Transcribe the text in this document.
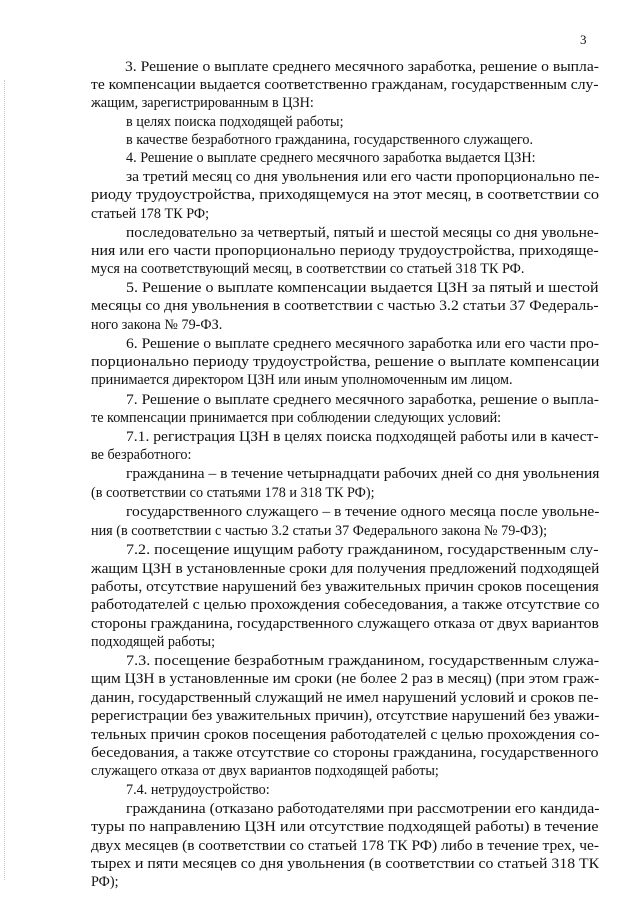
3
3. Решение о выплате среднего месячного заработка, решение о выпла-
те компенсации выдается соответственно гражданам, государственным слу-
жащим, зарегистрированным в ЦЗН:
в целях поиска подходящей работы;
в качестве безработного гражданина, государственного служащего.
4. Решение о выплате среднего месячного заработка выдается ЦЗН:
за третий месяц со дня увольнения или его части пропорционально пе-
риоду трудоустройства, приходящемуся на этот месяц, в соответствии со
статьей 178 ТК РФ;
последовательно за четвертый, пятый и шестой месяцы со дня увольне-
ния или его части пропорционально периоду трудоустройства, приходяще-
муся на соответствующий месяц, в соответствии со статьей 318 ТК РФ.
5. Решение о выплате компенсации выдается ЦЗН за пятый и шестой
месяцы со дня увольнения в соответствии с частью 3.2 статьи 37 Федераль-
ного закона № 79-ФЗ.
6. Решение о выплате среднего месячного заработка или его части про-
порционально периоду трудоустройства, решение о выплате компенсации
принимается директором ЦЗН или иным уполномоченным им лицом.
7. Решение о выплате среднего месячного заработка, решение о выпла-
те компенсации принимается при соблюдении следующих условий:
7.1. регистрация ЦЗН в целях поиска подходящей работы или в качест-
ве безработного:
гражданина – в течение четырнадцати рабочих дней со дня увольнения
(в соответствии со статьями 178 и 318 ТК РФ);
государственного служащего – в течение одного месяца после увольне-
ния (в соответствии с частью 3.2 статьи 37 Федерального закона № 79-ФЗ);
7.2. посещение ищущим работу гражданином, государственным слу-
жащим ЦЗН в установленные сроки для получения предложений подходящей
работы, отсутствие нарушений без уважительных причин сроков посещения
работодателей с целью прохождения собеседования, а также отсутствие со
стороны гражданина, государственного служащего отказа от двух вариантов
подходящей работы;
7.3. посещение безработным гражданином, государственным служа-
щим ЦЗН в установленные им сроки (не более 2 раз в месяц) (при этом граж-
данин, государственный служащий не имел нарушений условий и сроков пе-
ререгистрации без уважительных причин), отсутствие нарушений без уважи-
тельных причин сроков посещения работодателей с целью прохождения со-
беседования, а также отсутствие со стороны гражданина, государственного
служащего отказа от двух вариантов подходящей работы;
7.4. нетрудоустройство:
гражданина (отказано работодателями при рассмотрении его кандида-
туры по направлению ЦЗН или отсутствие подходящей работы) в течение
двух месяцев (в соответствии со статьей 178 ТК РФ) либо в течение трех, че-
тырех и пяти месяцев со дня увольнения (в соответствии со статьей 318 ТК
РФ);
